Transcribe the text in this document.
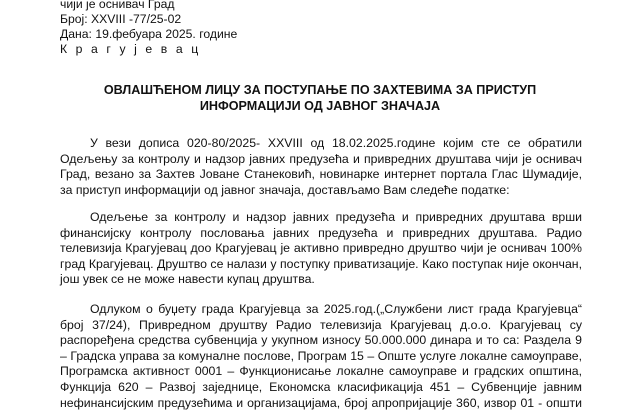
чији је оснивач Град
Број: XXVIII -77/25-02
Дана: 19.фебуара 2025. године
К р а г у ј е в а ц
ОВЛАШЋЕНОМ ЛИЦУ ЗА ПОСТУПАЊЕ ПО ЗАХТЕВИМА ЗА ПРИСТУП
ИНФОРМАЦИЈИ ОД ЈАВНОГ ЗНАЧАЈА
У вези дописа 020-80/2025- XXVIII од 18.02.2025.године којим сте се обратили
Одељењу за контролу и надзор јавних предузећа и привредних друштава чији је оснивач
Град, везано за Захтев Јоване Станековић, новинарке интернет портала Глас Шумадије,
за приступ информацији од јавног значаја, достављамо Вам следеће податке:
Одељење за контролу и надзор јавних предузећа и привредних друштава врши
финансијску контролу пословања јавних предузећа и привредних друштава. Радио
телевизија Крагујевац доо Крагујевац је активно привредно друштво чији је оснивач 100%
град Крагујевац. Друштво се налази у поступку приватизације. Како поступак није окончан,
још увек се не може навести купац друштва.
Одлуком о буџету града Крагујевца за 2025.год.(„Службени лист града Крагујевца“
број 37/24), Привредном друштву Радио телевизија Крагујевац д.о.о. Крагујевац су
распоређена средства субвенција у укупном износу 50.000.000 динара и то са: Раздела 9
– Градска управа за комуналне послове, Програм 15 – Опште услуге локалне самоуправе,
Програмска активност 0001 – Функционисање локалне самоуправе и градских општина,
Функција 620 – Развој заједнице, Економска класификација 451 – Субвенције јавним
нефинансијским предузећима и организацијама, број апропријације 360, извор 01 - општи
